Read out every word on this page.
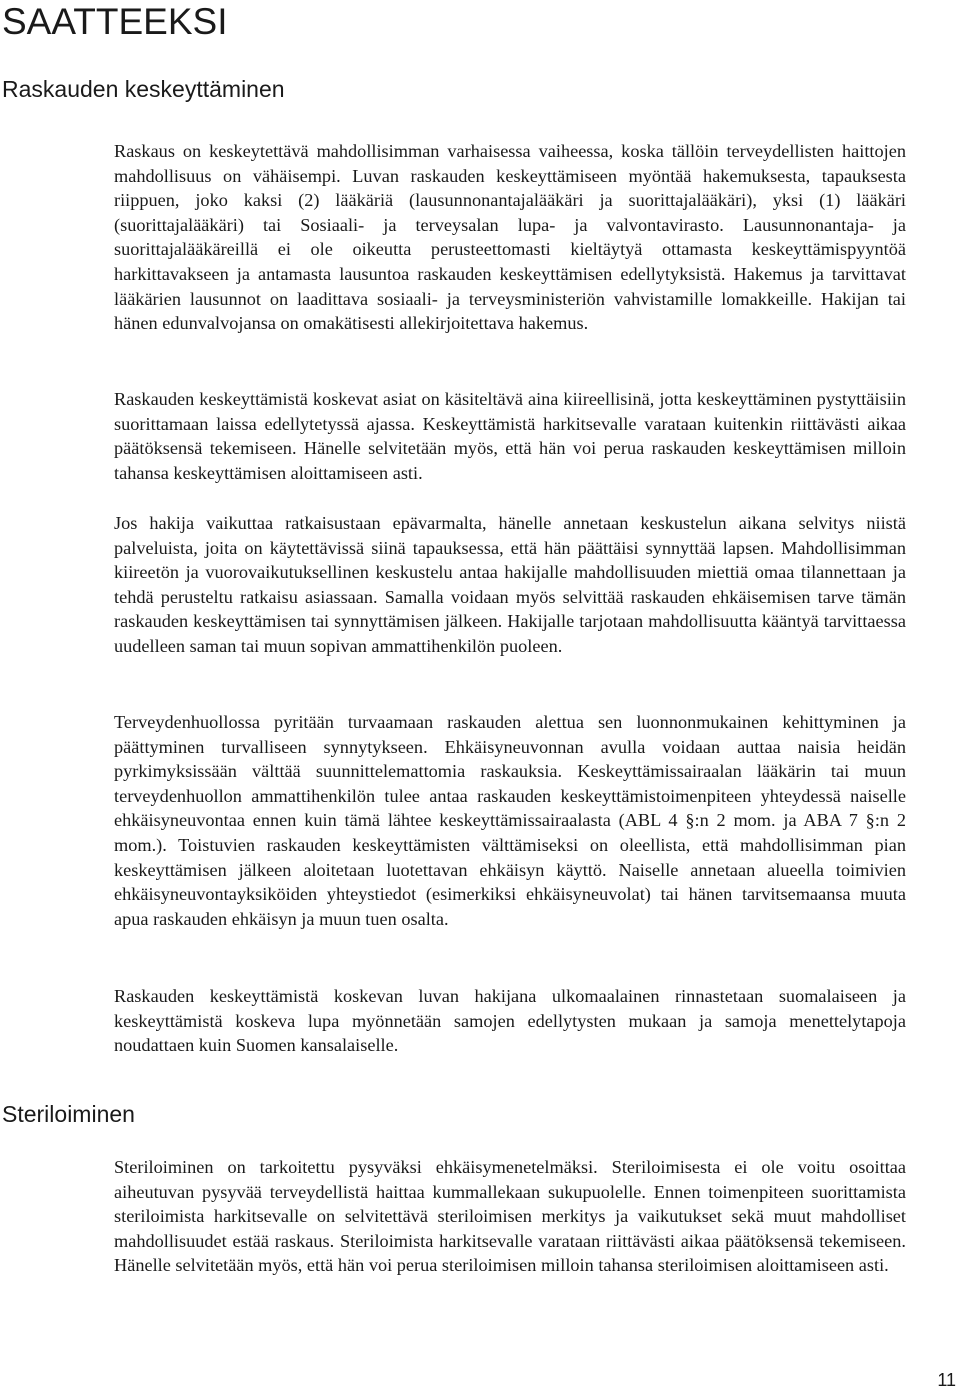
SAATTEEKSI
Raskauden keskeyttäminen

Raskaus on keskeytettävä mahdollisimman varhaisessa vaiheessa, koska tällöin terveydellisten haittojen mahdollisuus on vähäisempi. Luvan raskauden keskeyttämiseen myöntää hakemuksesta, tapauksesta riippuen, joko kaksi (2) lääkäriä (lausunnonantajalääkäri ja suorittajalääkäri), yksi (1) lääkäri (suorittajalääkäri) tai Sosiaali- ja terveysalan lupa- ja valvontavirasto. Lausunnonantaja- ja suorittajalääkäreillä ei ole oikeutta perusteettomasti kieltäytyä ottamasta keskeyttämispyyntöä harkittavakseen ja antamasta lausuntoa raskauden keskeyttämisen edellytyksistä. Hakemus ja tarvittavat lääkärien lausunnot on laadittava sosiaali- ja terveysministeriön vahvistamille lomakkeille. Hakijan tai hänen edunvalvojansa on omakätisesti allekirjoitettava hakemus.

Raskauden keskeyttämistä koskevat asiat on käsiteltävä aina kiireellisinä, jotta keskeyttäminen pystyttäisiin suorittamaan laissa edellytetyssä ajassa. Keskeyttämistä harkitsevalle varataan kuitenkin riittävästi aikaa päätöksensä tekemiseen. Hänelle selvitetään myös, että hän voi perua raskauden keskeyttämisen milloin tahansa keskeyttämisen aloittamiseen asti.

Jos hakija vaikuttaa ratkaisustaan epävarmalta, hänelle annetaan keskustelun aikana selvitys niistä palveluista, joita on käytettävissä siinä tapauksessa, että hän päättäisi synnyttää lapsen. Mahdollisimman kiireetön ja vuorovaikutuksellinen keskustelu antaa hakijalle mahdollisuuden miettiä omaa tilannettaan ja tehdä perusteltu ratkaisu asiassaan. Samalla voidaan myös selvittää raskauden ehkäisemisen tarve tämän raskauden keskeyttämisen tai synnyttämisen jälkeen. Hakijalle tarjotaan mahdollisuutta kääntyä tarvittaessa uudelleen saman tai muun sopivan ammattihenkilön puoleen.

Terveydenhuollossa pyritään turvaamaan raskauden alettua sen luonnonmukainen kehittyminen ja päättyminen turvalliseen synnytykseen. Ehkäisyneuvonnan avulla voidaan auttaa naisia heidän pyrkimyksissään välttää suunnittelemattomia raskauksia. Keskeyttämissairaalan lääkärin tai muun terveydenhuollon ammattihenkilön tulee antaa raskauden keskeyttämistoimenpiteen yhteydessä naiselle ehkäisyneuvontaa ennen kuin tämä lähtee keskeyttämissairaalasta (ABL 4 §:n 2 mom. ja ABA 7 §:n 2 mom.). Toistuvien raskauden keskeyttämisten välttämiseksi on oleellista, että mahdollisimman pian keskeyttämisen jälkeen aloitetaan luotettavan ehkäisyn käyttö. Naiselle annetaan alueella toimivien ehkäisyneuvontayksiköiden yhteystiedot (esimerkiksi ehkäisyneuvolat) tai hänen tarvitsemaansa muuta apua raskauden ehkäisyn ja muun tuen osalta.

Raskauden keskeyttämistä koskevan luvan hakijana ulkomaalainen rinnastetaan suomalaiseen ja keskeyttämistä koskeva lupa myönnetään samojen edellytysten mukaan ja samoja menettelytapoja noudattaen kuin Suomen kansalaiselle.

Steriloiminen

Steriloiminen on tarkoitettu pysyväksi ehkäisymenetelmäksi. Steriloimisesta ei ole voitu osoittaa aiheutuvan pysyvää terveydellistä haittaa kummallekaan sukupuolelle. Ennen toimenpiteen suorittamista steriloimista harkitsevalle on selvitettävä steriloimisen merkitys ja vaikutukset sekä muut mahdolliset mahdollisuudet estää raskaus. Steriloimista harkitsevalle varataan riittävästi aikaa päätöksensä tekemiseen. Hänelle selvitetään myös, että hän voi perua steriloimisen milloin tahansa steriloimisen aloittamiseen asti.

11
